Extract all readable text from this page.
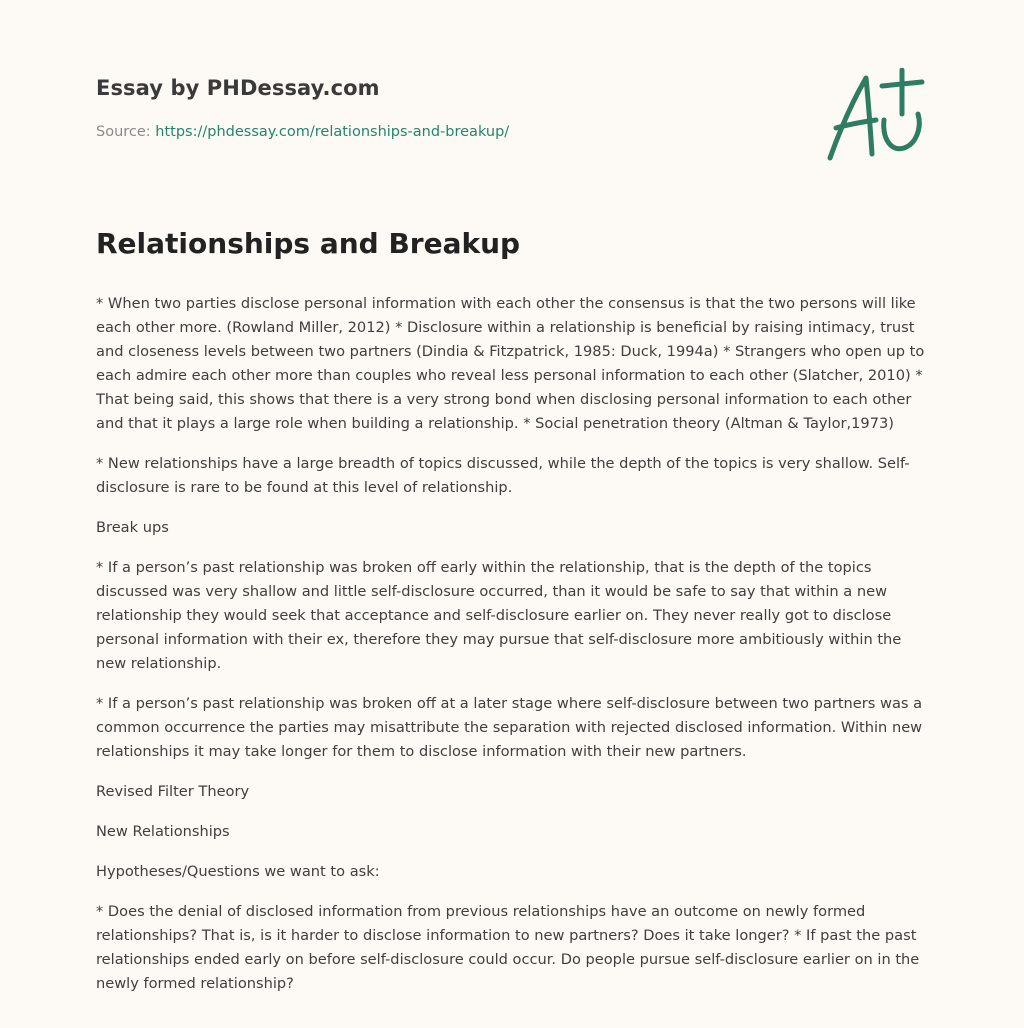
Essay by PHDessay.com
Source: https://phdessay.com/relationships-and-breakup/
Relationships and Breakup

* When two parties disclose personal information with each other the consensus is that the two persons will like each other more. (Rowland Miller, 2012) * Disclosure within a relationship is beneficial by raising intimacy, trust and closeness levels between two partners (Dindia & Fitzpatrick, 1985: Duck, 1994a) * Strangers who open up to each admire each other more than couples who reveal less personal information to each other (Slatcher, 2010) * That being said, this shows that there is a very strong bond when disclosing personal information to each other and that it plays a large role when building a relationship. * Social penetration theory (Altman & Taylor,1973)

* New relationships have a large breadth of topics discussed, while the depth of the topics is very shallow. Self-disclosure is rare to be found at this level of relationship.

Break ups

* If a person’s past relationship was broken off early within the relationship, that is the depth of the topics discussed was very shallow and little self-disclosure occurred, than it would be safe to say that within a new relationship they would seek that acceptance and self-disclosure earlier on. They never really got to disclose personal information with their ex, therefore they may pursue that self-disclosure more ambitiously within the new relationship.

* If a person’s past relationship was broken off at a later stage where self-disclosure between two partners was a common occurrence the parties may misattribute the separation with rejected disclosed information. Within new relationships it may take longer for them to disclose information with their new partners.

Revised Filter Theory

New Relationships

Hypotheses/Questions we want to ask:

* Does the denial of disclosed information from previous relationships have an outcome on newly formed relationships? That is, is it harder to disclose information to new partners? Does it take longer? * If past the past relationships ended early on before self-disclosure could occur. Do people pursue self-disclosure earlier on in the newly formed relationship?
